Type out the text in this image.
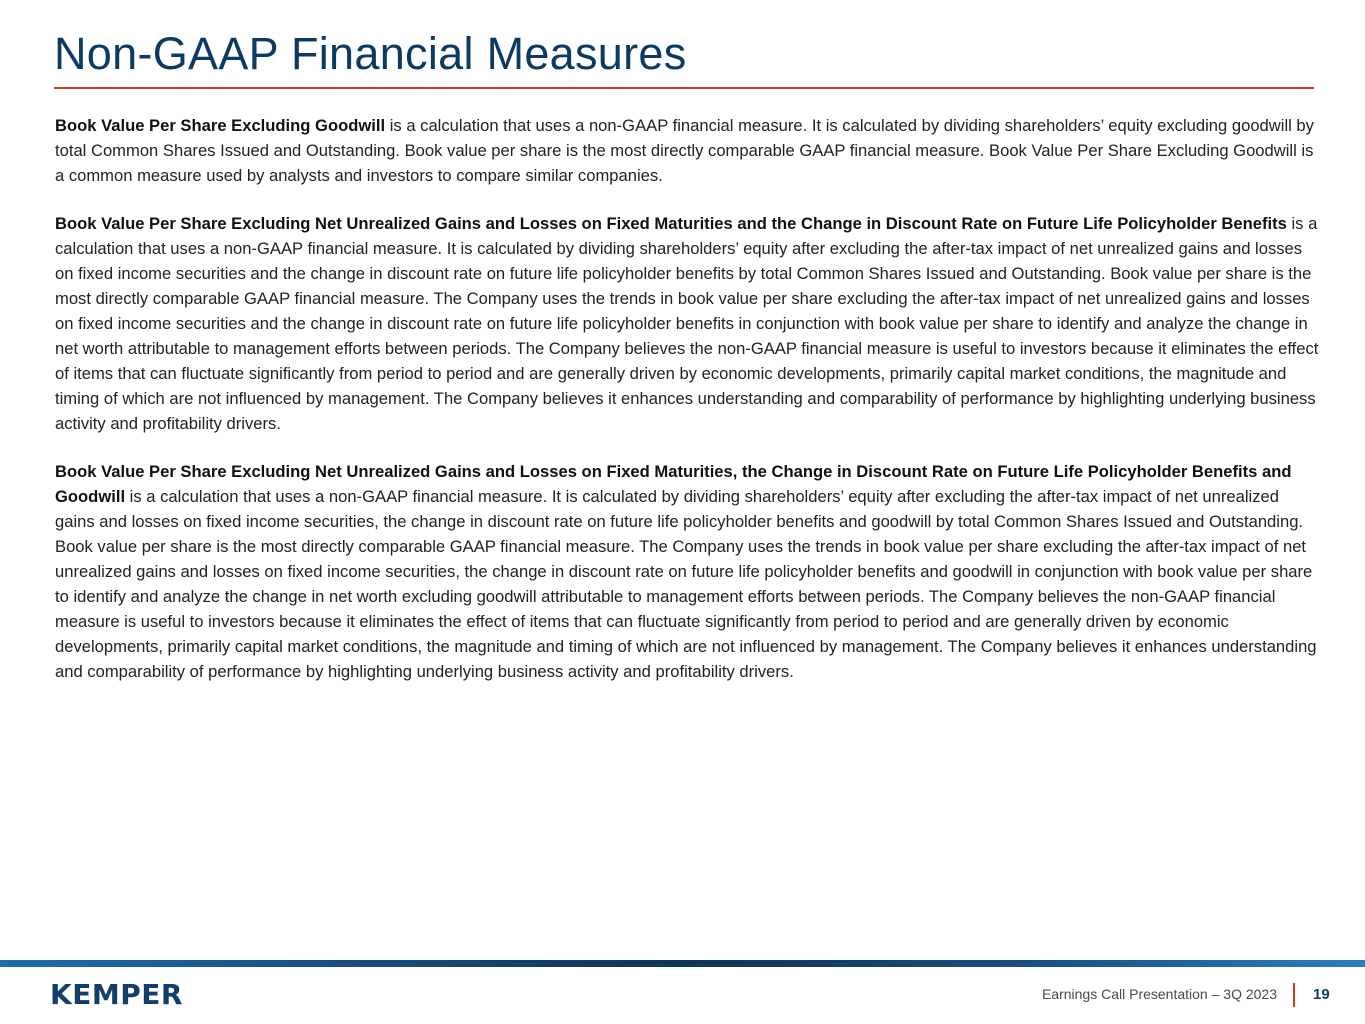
Non-GAAP Financial Measures

Book Value Per Share Excluding Goodwill is a calculation that uses a non-GAAP financial measure. It is calculated by dividing shareholders’ equity excluding goodwill by total Common Shares Issued and Outstanding. Book value per share is the most directly comparable GAAP financial measure. Book Value Per Share Excluding Goodwill is a common measure used by analysts and investors to compare similar companies.

Book Value Per Share Excluding Net Unrealized Gains and Losses on Fixed Maturities and the Change in Discount Rate on Future Life Policyholder Benefits is a calculation that uses a non-GAAP financial measure. It is calculated by dividing shareholders’ equity after excluding the after-tax impact of net unrealized gains and losses on fixed income securities and the change in discount rate on future life policyholder benefits by total Common Shares Issued and Outstanding. Book value per share is the most directly comparable GAAP financial measure. The Company uses the trends in book value per share excluding the after-tax impact of net unrealized gains and losses on fixed income securities and the change in discount rate on future life policyholder benefits in conjunction with book value per share to identify and analyze the change in net worth attributable to management efforts between periods. The Company believes the non-GAAP financial measure is useful to investors because it eliminates the effect of items that can fluctuate significantly from period to period and are generally driven by economic developments, primarily capital market conditions, the magnitude and timing of which are not influenced by management. The Company believes it enhances understanding and comparability of performance by highlighting underlying business activity and profitability drivers.

Book Value Per Share Excluding Net Unrealized Gains and Losses on Fixed Maturities, the Change in Discount Rate on Future Life Policyholder Benefits and Goodwill is a calculation that uses a non-GAAP financial measure. It is calculated by dividing shareholders’ equity after excluding the after-tax impact of net unrealized gains and losses on fixed income securities, the change in discount rate on future life policyholder benefits and goodwill by total Common Shares Issued and Outstanding. Book value per share is the most directly comparable GAAP financial measure. The Company uses the trends in book value per share excluding the after-tax impact of net unrealized gains and losses on fixed income securities, the change in discount rate on future life policyholder benefits and goodwill in conjunction with book value per share to identify and analyze the change in net worth excluding goodwill attributable to management efforts between periods. The Company believes the non-GAAP financial measure is useful to investors because it eliminates the effect of items that can fluctuate significantly from period to period and are generally driven by economic developments, primarily capital market conditions, the magnitude and timing of which are not influenced by management. The Company believes it enhances understanding and comparability of performance by highlighting underlying business activity and profitability drivers.

KEMPER	Earnings Call Presentation – 3Q 2023 19
